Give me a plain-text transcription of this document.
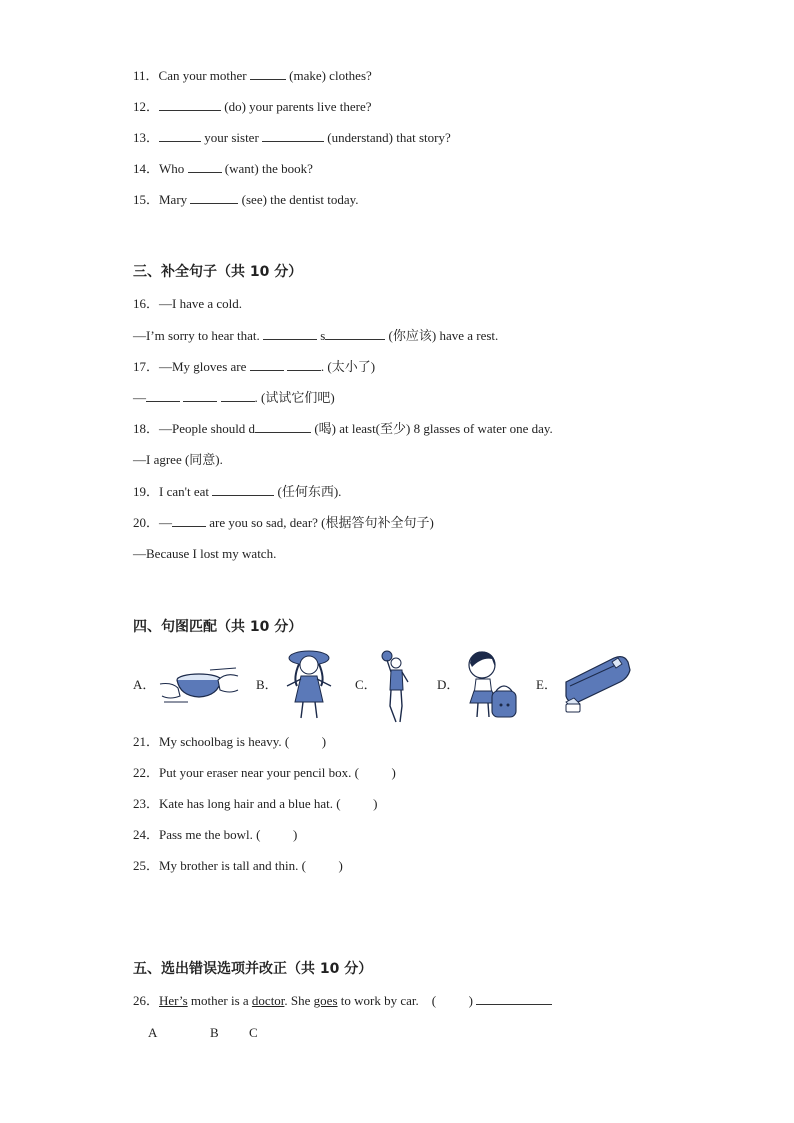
11．Can your mother	(make) clothes?
12．	(do) your parents live there?
13．	your sister	(understand) that story?
14．Who	(want) the book?
15．Mary	(see) the dentist today.
三、补全句子（共 10 分）
16．—I have a cold.
—I’m sorry to hear that.	s	(你应该) have a rest.
17．—My gloves are	. (太小了)
—	. (试试它们吧)
18．—People should d	(喝) at least(至少) 8 glasses of water one day.
—I agree (同意).
19．I can't eat	(任何东西).
20．—	are you so sad, dear? (根据答句补全句子)
—Because I lost my watch.
四、句图匹配（共 10 分）
A．	B．	C．	D．	E．
21．My schoolbag is heavy. (          )
22．Put your eraser near your pencil box. (          )
23．Kate has long hair and a blue hat. (          )
24．Pass me the bowl. (          )
25．My brother is tall and thin. (          )
五、选出错误选项并改正（共 10 分）
26．Her’s mother is a doctor. She goes to work by car.    (          )
A	B C
